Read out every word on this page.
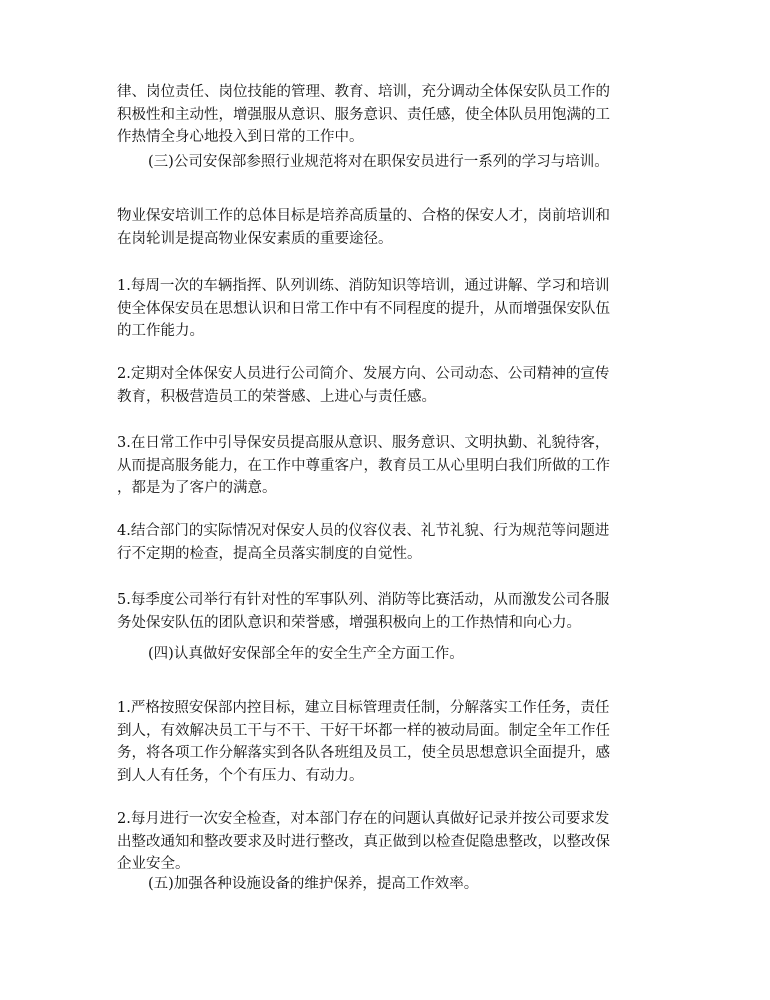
律、岗位责任、岗位技能的管理、教育、培训，充分调动全体保安队员工作的
积极性和主动性，增强服从意识、服务意识、责任感，使全体队员用饱满的工
作热情全身心地投入到日常的工作中。
(三)公司安保部参照行业规范将对在职保安员进行一系列的学习与培训。
物业保安培训工作的总体目标是培养高质量的、合格的保安人才，岗前培训和
在岗轮训是提高物业保安素质的重要途径。
1.每周一次的车辆指挥、队列训练、消防知识等培训，通过讲解、学习和培训
使全体保安员在思想认识和日常工作中有不同程度的提升，从而增强保安队伍
的工作能力。
2.定期对全体保安人员进行公司简介、发展方向、公司动态、公司精神的宣传
教育，积极营造员工的荣誉感、上进心与责任感。
3.在日常工作中引导保安员提高服从意识、服务意识、文明执勤、礼貌待客，
从而提高服务能力，在工作中尊重客户，教育员工从心里明白我们所做的工作
，都是为了客户的满意。
4.结合部门的实际情况对保安人员的仪容仪表、礼节礼貌、行为规范等问题进
行不定期的检查，提高全员落实制度的自觉性。
5.每季度公司举行有针对性的军事队列、消防等比赛活动，从而激发公司各服
务处保安队伍的团队意识和荣誉感，增强积极向上的工作热情和向心力。
(四)认真做好安保部全年的安全生产全方面工作。
1.严格按照安保部内控目标，建立目标管理责任制，分解落实工作任务，责任
到人，有效解决员工干与不干、干好干坏都一样的被动局面。制定全年工作任
务，将各项工作分解落实到各队各班组及员工，使全员思想意识全面提升，感
到人人有任务，个个有压力、有动力。
2.每月进行一次安全检查，对本部门存在的问题认真做好记录并按公司要求发
出整改通知和整改要求及时进行整改，真正做到以检查促隐患整改，以整改保
企业安全。
(五)加强各种设施设备的维护保养，提高工作效率。
